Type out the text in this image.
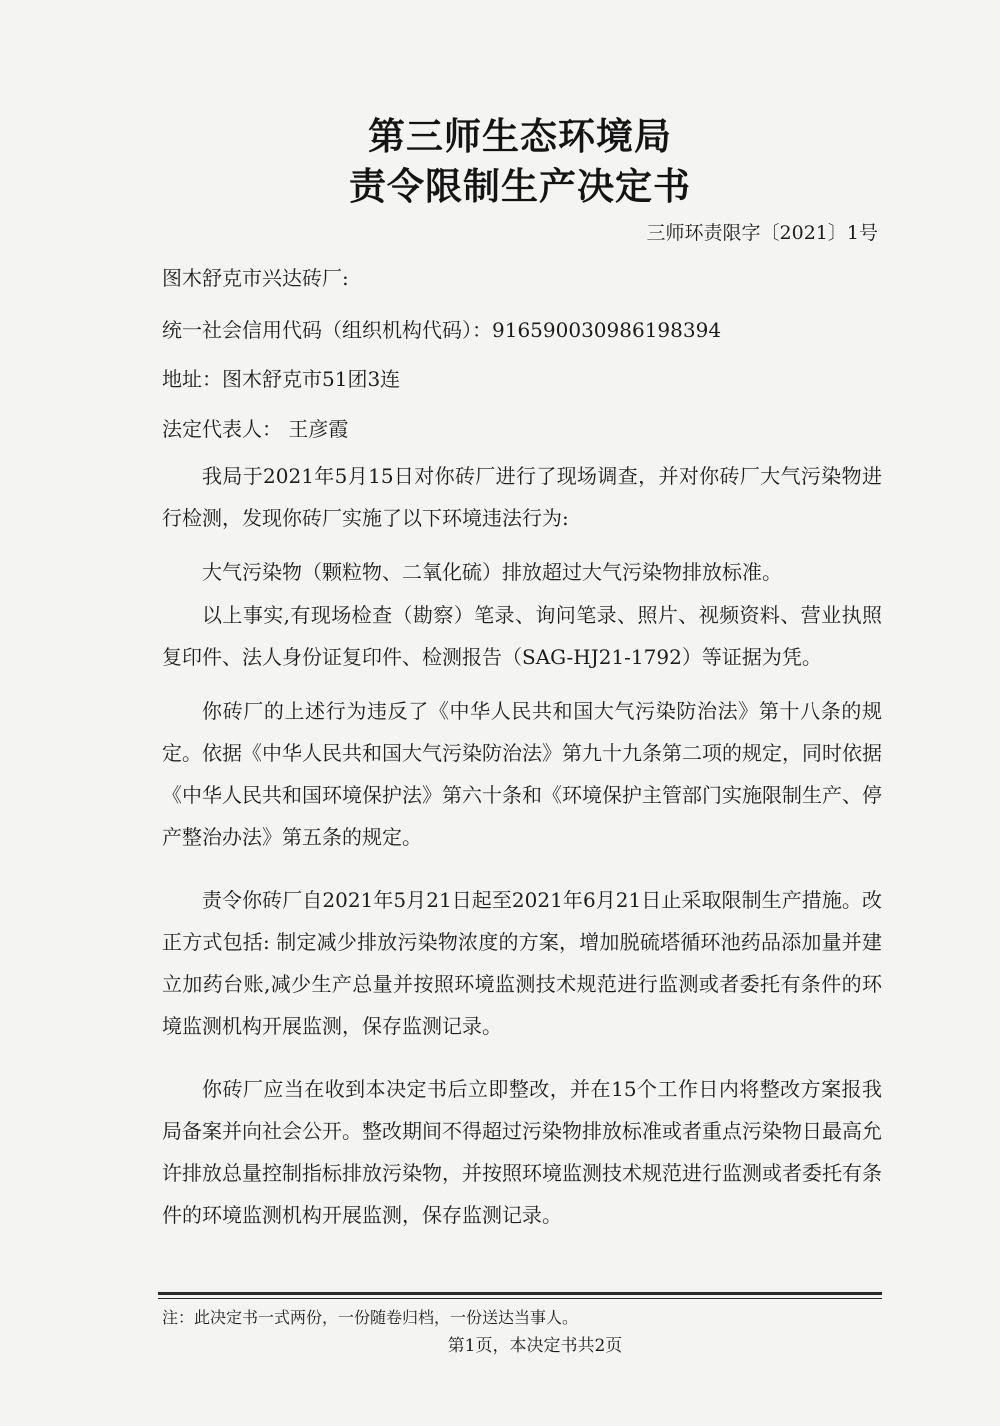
第三师生态环境局
责令限制生产决定书
三师环责限字〔2021〕1号
图木舒克市兴达砖厂:
统一社会信用代码（组织机构代码）：91659003098619839​4
地址：图木舒克市51团3连
法定代表人： 王彦霞

我局于2021年5月15日对你砖厂进行了现场调查，并对你砖厂大气污染物进行检测，发现你砖厂实施了以下环境违法行为:

大气污染物（颗粒物、二氧化硫）排放超过大气污染物排放标准。

以上事实,有现场检查（勘察）笔录、询问笔录、照片、视频资料、营业执照复印件、法人身份证复印件、检测报告（SAG-HJ21-1792）等证据为凭。

你砖厂的上述行为违反了《中华人民共和国大气污染防治法》第十八条的规定。依据《中华人民共和国大气污染防治法》第九十九条第二项的规定，同时依据《中华人民共和国环境保护法》第六十条和《环境保护主管部门实施限制生产、停产整治办法》第五条的规定。

责令你砖厂自2021年5月21日起至2021年6月21日止采取限制生产措施。改正方式包括: 制定减少排放污染物浓度的方案，增加脱硫塔循环池药品添加量并建立加药台账,减少生产总量并按照环境监测技术规范进行监测或者委托有条件的环境监测机构开展监测，保存监测记录。

你砖厂应当在收到本决定书后立即整改，并在15个工作日内将整改方案报我局备案并向社会公开。整改期间不得超过污染物排放标准或者重点污染物日最高允许排放总量控制指标排放污染物，并按照环境监测技术规范进行监测或者委托有条件的环境监测机构开展监测，保存监测记录。

注：此决定书一式两份，一份随卷归档，一份送达当事人。
第1页，本决定书共2页
